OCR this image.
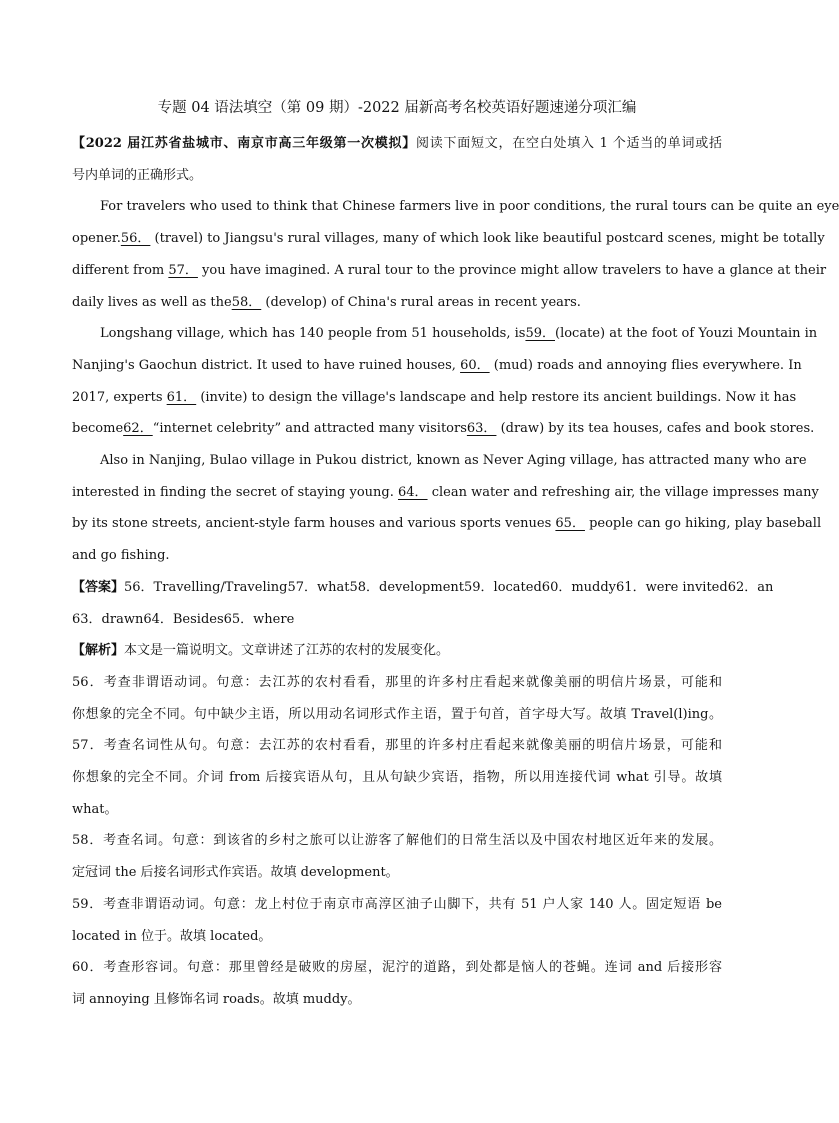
专题 04 语法填空（第 09 期）-2022 届新高考名校英语好题速递分项汇编

【2022 届江苏省盐城市、南京市高三年级第一次模拟】阅读下面短文，在空白处填入 1 个适当的单词或括

号内单词的正确形式。

For travelers who used to think that Chinese farmers live in poor conditions, the rural tours can be quite an eye

opener.56． (travel) to Jiangsu's rural villages, many of which look like beautiful postcard scenes, might be totally

different from 57． you have imagined. A rural tour to the province might allow travelers to have a glance at their

daily lives as well as the58． (develop) of China's rural areas in recent years.

Longshang village, which has 140 people from 51 households, is59．(locate) at the foot of Youzi Mountain in

Nanjing's Gaochun district. It used to have ruined houses, 60． (mud) roads and annoying flies everywhere. In

2017, experts 61． (invite) to design the village's landscape and help restore its ancient buildings. Now it has

become62．“internet celebrity” and attracted many visitors63． (draw) by its tea houses, cafes and book stores.

Also in Nanjing, Bulao village in Pukou district, known as Never Aging village, has attracted many who are

interested in finding the secret of staying young. 64． clean water and refreshing air, the village impresses many

by its stone streets, ancient-style farm houses and various sports venues 65． people can go hiking, play baseball

and go fishing.

【答案】56．Travelling/Traveling57．what58．development59．located60．muddy61．were invited62．an

63．drawn64．Besides65．where

【解析】本文是一篇说明文。文章讲述了江苏的农村的发展变化。

56．考查非谓语动词。句意：去江苏的农村看看，那里的许多村庄看起来就像美丽的明信片场景，可能和

你想象的完全不同。句中缺少主语，所以用动名词形式作主语，置于句首，首字母大写。故填 Travel(l)ing。

57．考查名词性从句。句意：去江苏的农村看看，那里的许多村庄看起来就像美丽的明信片场景，可能和

你想象的完全不同。介词 from 后接宾语从句，且从句缺少宾语，指物，所以用连接代词 what 引导。故填

what。

58．考查名词。句意：到该省的乡村之旅可以让游客了解他们的日常生活以及中国农村地区近年来的发展。

定冠词 the 后接名词形式作宾语。故填 development。

59．考查非谓语动词。句意：龙上村位于南京市高淳区油子山脚下，共有 51 户人家 140 人。固定短语 be

located in 位于。故填 located。

60．考查形容词。句意：那里曾经是破败的房屋，泥泞的道路，到处都是恼人的苍蝇。连词 and 后接形容

词 annoying 且修饰名词 roads。故填 muddy。
